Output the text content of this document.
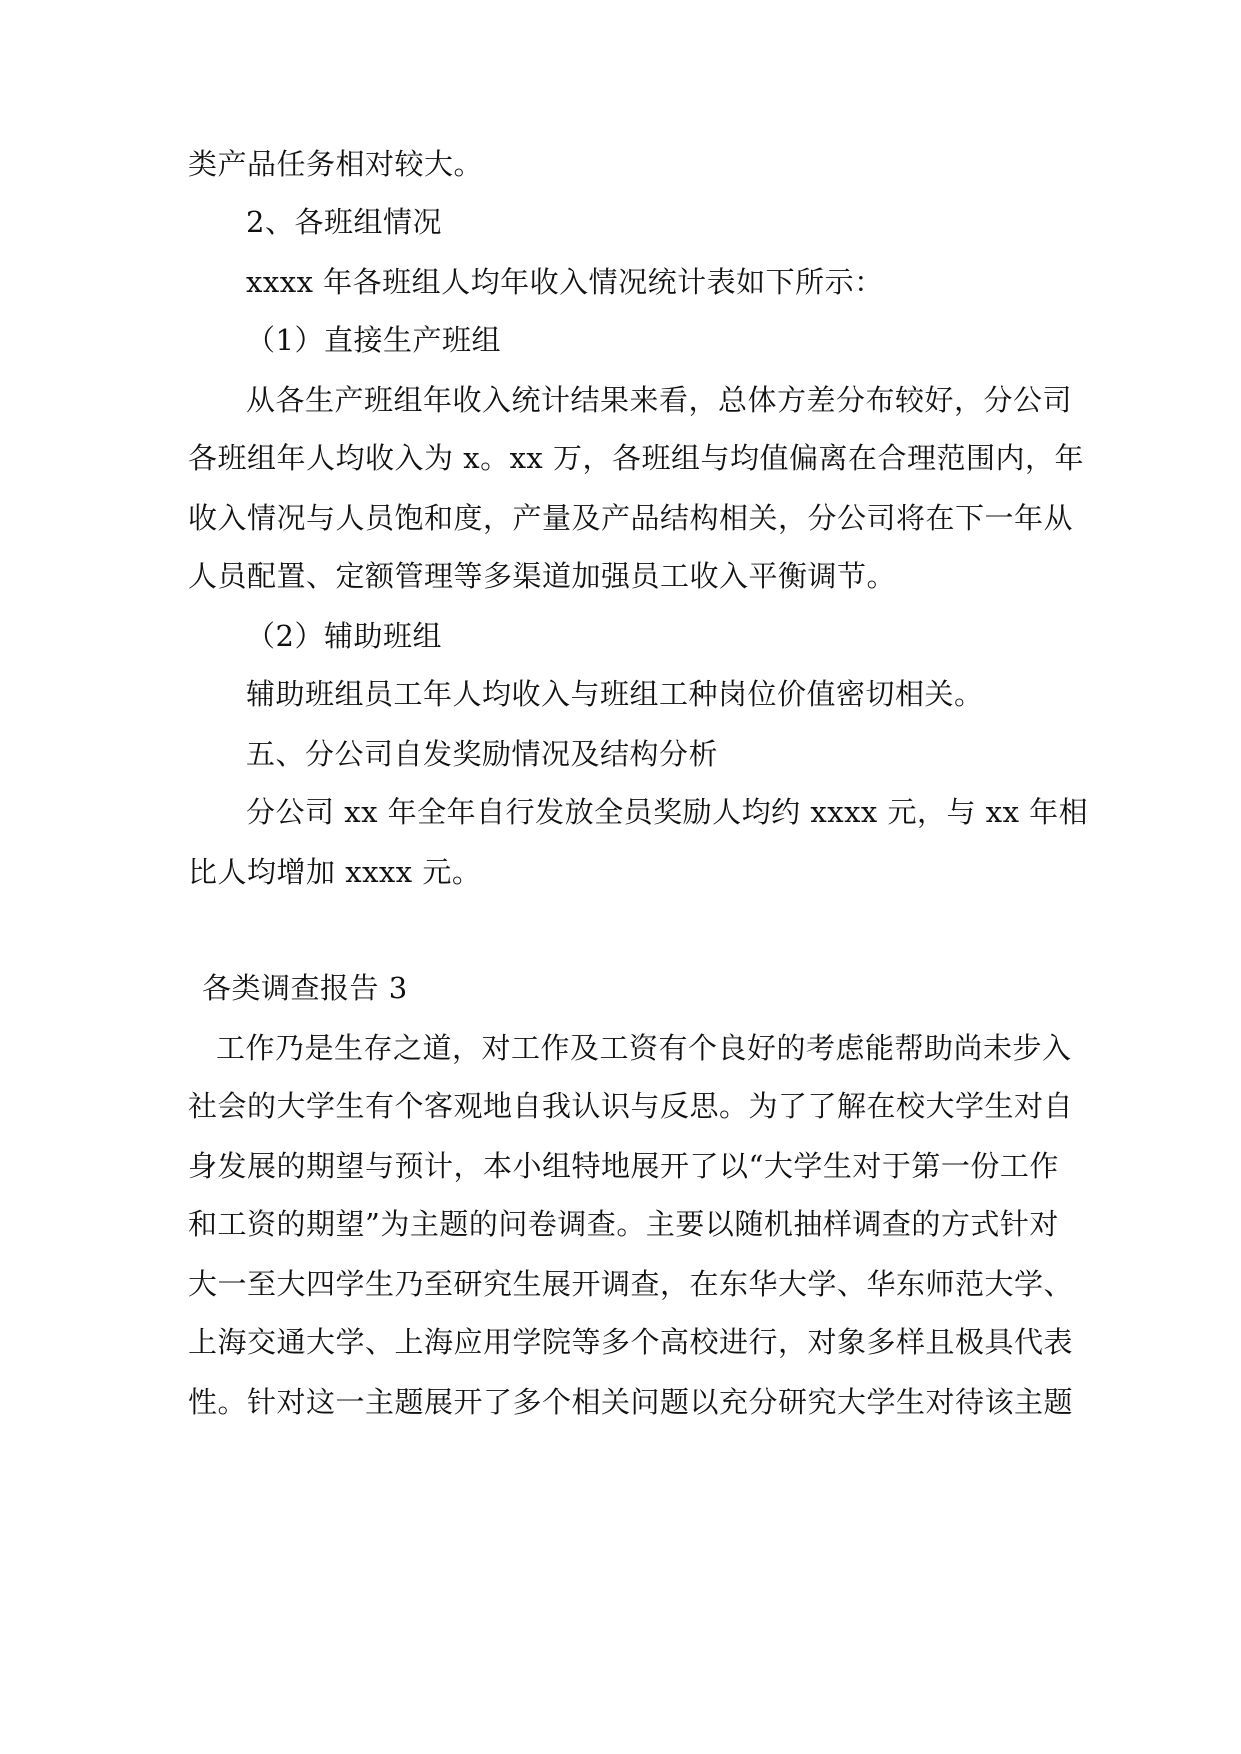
类产品任务相对较大。
2、各班组情况
xxxx 年各班组人均年收入情况统计表如下所示：
（1）直接生产班组
从各生产班组年收入统计结果来看，总体方差分布较好，分公司
各班组年人均收入为 x。xx 万，各班组与均值偏离在合理范围内，年
收入情况与人员饱和度，产量及产品结构相关，分公司将在下一年从
人员配置、定额管理等多渠道加强员工收入平衡调节。
（2）辅助班组
辅助班组员工年人均收入与班组工种岗位价值密切相关。
五、分公司自发奖励情况及结构分析
分公司 xx 年全年自行发放全员奖励人均约 xxxx 元，与 xx 年相
比人均增加 xxxx 元。
各类调查报告 3
工作乃是生存之道，对工作及工资有个良好的考虑能帮助尚未步入
社会的大学生有个客观地自我认识与反思。为了了解在校大学生对自
身发展的期望与预计，本小组特地展开了以“大学生对于第一份工作
和工资的期望”为主题的问卷调查。主要以随机抽样调查的方式针对
大一至大四学生乃至研究生展开调查，在东华大学、华东师范大学、
上海交通大学、上海应用学院等多个高校进行，对象多样且极具代表
性。针对这一主题展开了多个相关问题以充分研究大学生对待该主题
